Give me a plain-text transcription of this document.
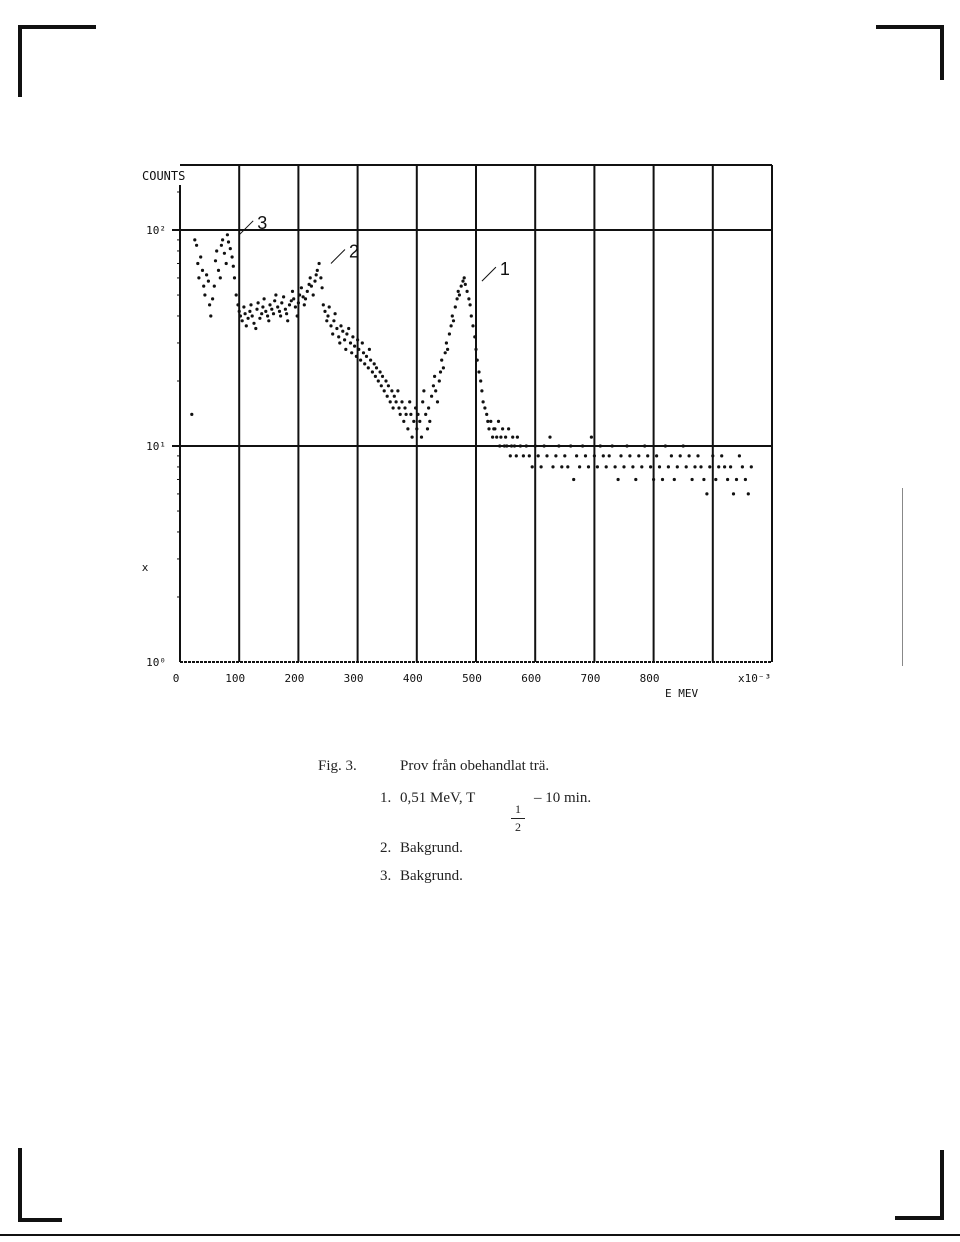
0	100	200	300	400	500	600	700	800
10²
10¹
10⁰
COUNTS
E MEV
x10⁻³
x
1
2
3
Fig. 3.	Prov från obehandlat trä.
1. 0,51 MeV, T
1
2
– 10 min.
2. Bakgrund.
3. Bakgrund.
